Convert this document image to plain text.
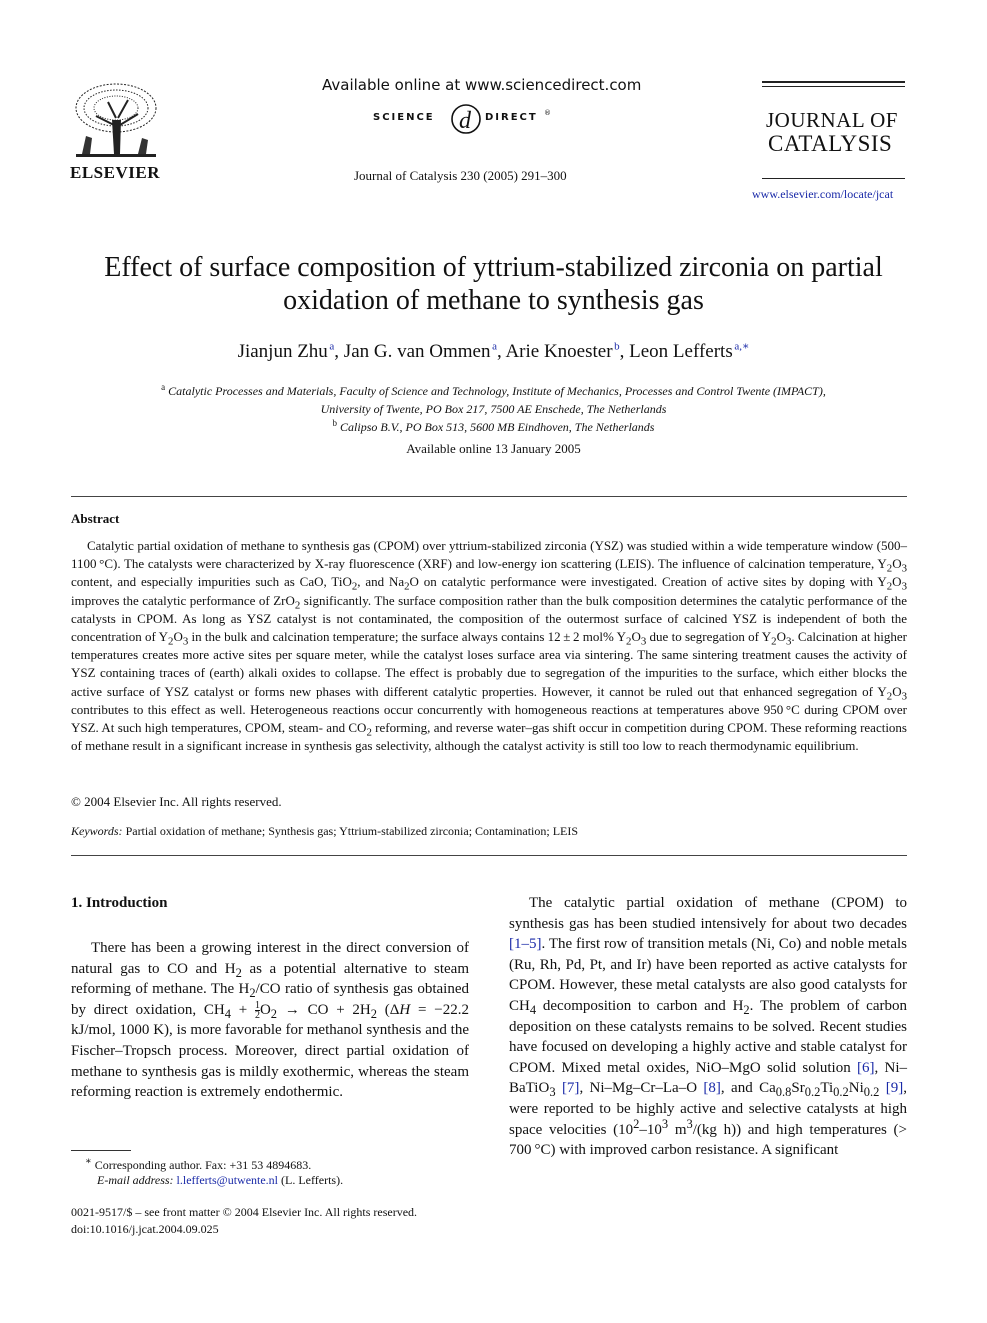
ELSEVIER
Available online at www.sciencedirect.com
SCIENCE d DIRECT ®
Journal of Catalysis 230 (2005) 291–300
JOURNAL OF
CATALYSIS
www.elsevier.com/locate/jcat
Effect of surface composition of yttrium-stabilized zirconia on partial
oxidation of methane to synthesis gas
Jianjun Zhu  $^a$, Jan G. van Ommen  $^a$, Arie Knoester  $^b$, Leon Lefferts  $^{a,∗}$
$^a$ Catalytic Processes and Materials, Faculty of Science and Technology, Institute of Mechanics, Processes and Control Twente (IMPACT),
University of Twente, PO Box 217, 7500 AE Enschede, The Netherlands
$^b$ Calipso B.V., PO Box 513, 5600 MB Eindhoven, The Netherlands
Available online 13 January 2005
Abstract
Catalytic partial oxidation of methane to synthesis gas (CPOM) over yttrium-stabilized zirconia (YSZ) was studied within a wide temperature window (500–1100 °C). The catalysts were characterized by X-ray fluorescence (XRF) and low-energy ion scattering (LEIS). The influence of calcination temperature, $Y_2O_3$ content, and especially impurities such as CaO, TiO$_2$, and $Na_2O$ on catalytic performance were investigated. Creation of active sites by doping with $Y_2O_3$ improves the catalytic performance of ZrO$_2$ significantly. The surface composition rather than the bulk composition determines the catalytic performance of the catalysts in CPOM. As long as YSZ catalyst is not contaminated, the composition of the outermost surface of calcined YSZ is independent of both the concentration of $Y_2O_3$ in the bulk and calcination temperature; the surface always contains 12 ± 2 mol% $Y_2O_3$ due to segregation of $Y_2O_3$. Calcination at higher temperatures creates more active sites per square meter, while the catalyst loses surface area via sintering. The same sintering treatment causes the activity of YSZ containing traces of (earth) alkali oxides to collapse. The effect is probably due to segregation of the impurities to the surface, which either blocks the active surface of YSZ catalyst or forms new phases with different catalytic properties. However, it cannot be ruled out that enhanced segregation of $Y_2O_3$ contributes to this effect as well. Heterogeneous reactions occur concurrently with homogeneous reactions at temperatures above 950 °C during CPOM over YSZ. At such high temperatures, CPOM, steam- and $CO_2$ reforming, and reverse water–gas shift occur in competition during CPOM. These reforming reactions of methane result in a significant increase in synthesis gas selectivity, although the catalyst activity is still too low to reach thermodynamic equilibrium.
© 2004 Elsevier Inc. All rights reserved.
Keywords: Partial oxidation of methane; Synthesis gas; Yttrium-stabilized zirconia; Contamination; LEIS
1. Introduction
There has been a growing interest in the direct conversion of natural gas to CO and $H_2$ as a potential alternative to steam reforming of methane. The $H_2/CO$ ratio of synthesis gas obtained by direct oxidation, $CH_4 + \frac{1}{2} O_2$ → CO + $2H_2$ (ΔH = −22.2 kJ/mol, 1000 K), is more favorable for methanol synthesis and the Fischer–Tropsch process. Moreover, direct partial oxidation of methane to synthesis gas is mildly exothermic, whereas the steam reforming reaction is extremely endothermic.
The catalytic partial oxidation of methane (CPOM) to synthesis gas has been studied intensively for about two decades [1–5]. The first row of transition metals (Ni, Co) and noble metals (Ru, Rh, Pd, Pt, and Ir) have been reported as active catalysts for CPOM. However, these metal catalysts are also good catalysts for $CH_4$ decomposition to carbon and $H_2$. The problem of carbon deposition on these catalysts remains to be solved. Recent studies have focused on developing a highly active and stable catalyst for CPOM. Mixed metal oxides, NiO–MgO solid solution [6], Ni–BaTiO$_3$ [7], Ni–Mg–Cr–La–O [8], and $Ca_{0.8}Sr_{0.2}Ti_{0.2}Ni_{0.2}$ [9], were reported to be highly active and selective catalysts at high space velocities ($10^2-10^3$ $m^3/(kg$ h)) and high temperatures (> 700 °C) with improved carbon resistance. A significant
∗ Corresponding author. Fax: +31 53 4894683.
E-mail address: l.lefferts@utwente.nl (L. Lefferts).
0021-9517/$ – see front matter © 2004 Elsevier Inc. All rights reserved.
doi:10.1016/j.jcat.2004.09.025
